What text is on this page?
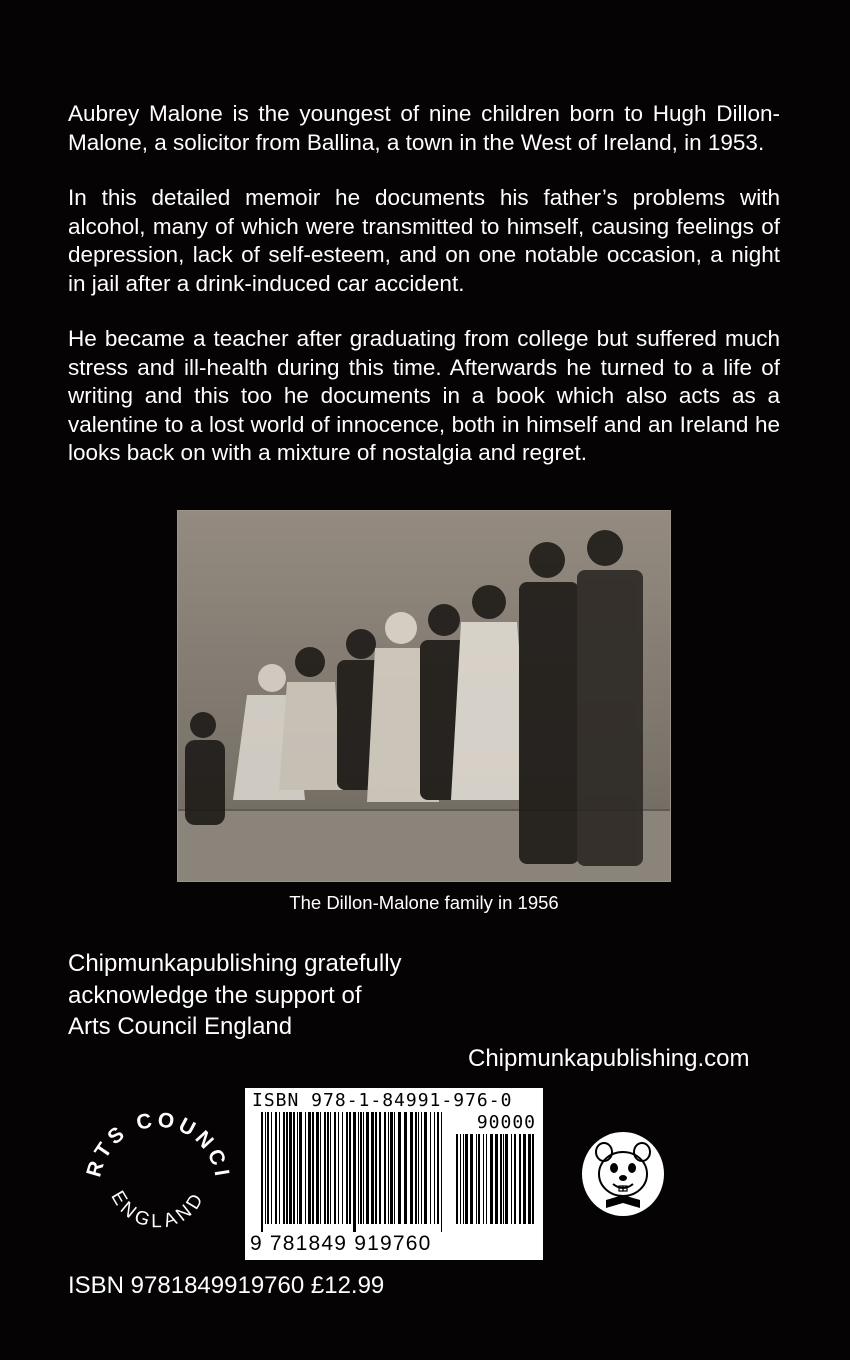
Aubrey Malone is the youngest of nine children born to Hugh Dillon-Malone, a solicitor from Ballina, a town in the West of Ireland, in 1953.

In this detailed memoir he documents his father’s problems with alcohol, many of which were transmitted to himself, causing feelings of depression, lack of self-esteem, and on one notable occasion, a night in jail after a drink-induced car accident.

He became a teacher after graduating from college but suffered much stress and ill-health during this time. Afterwards he turned to a life of writing and this too he documents in a book which also acts as a valentine to a lost world of innocence, both in himself and an Ireland he looks back on with a mixture of nostalgia and regret.

The Dillon-Malone family in 1956
Chipmunkapublishing gratefully acknowledge the support of Arts Council England
Chipmunkapublishing.com
RTS COUNCI
ENGLAND
ISBN 978-1-84991-976-0
90000
9 781849 919760
ISBN 9781849919760 £12.99
